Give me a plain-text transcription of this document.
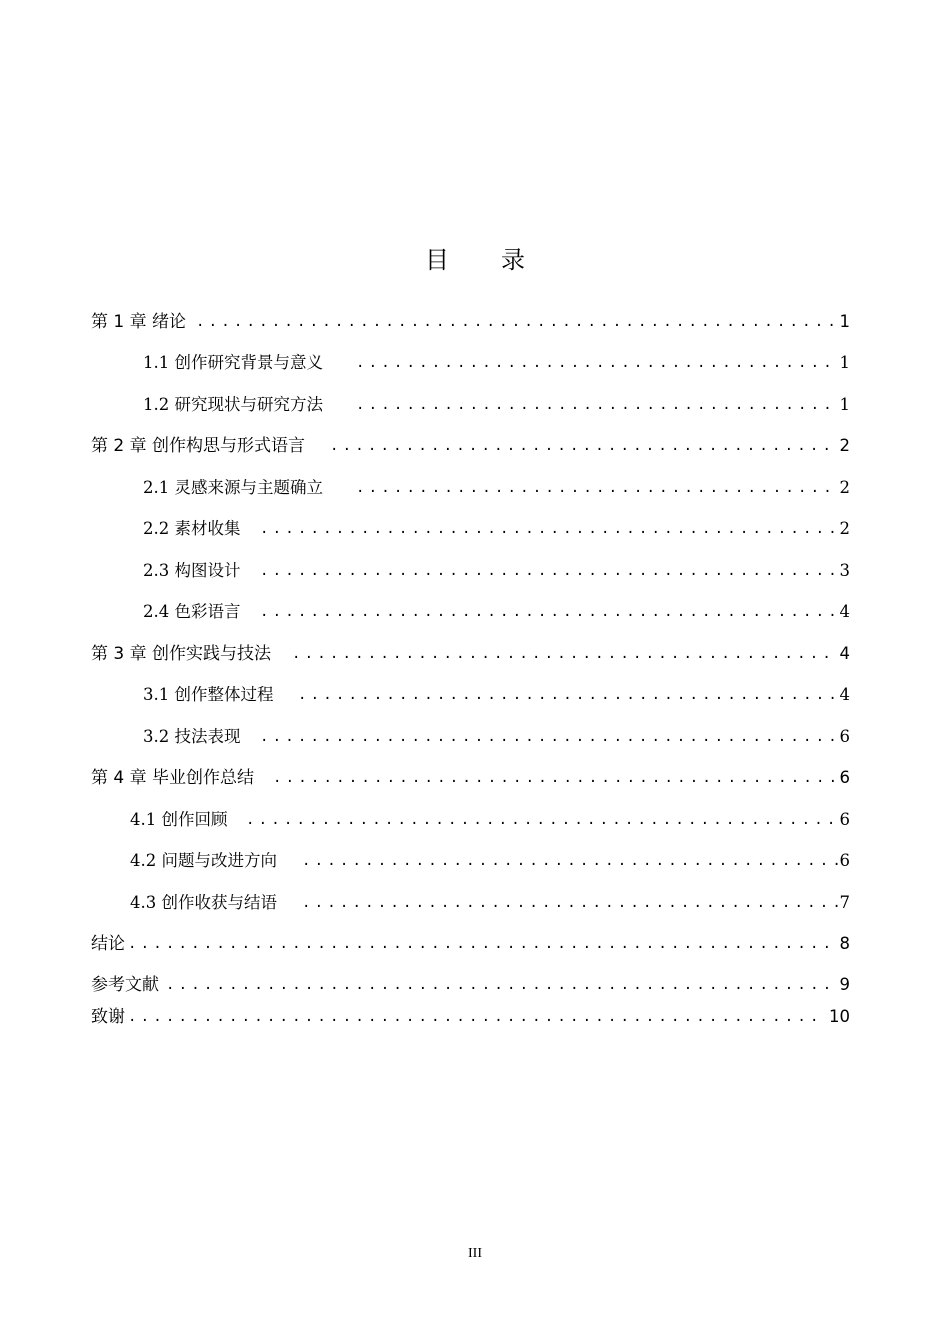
目 录
第 1 章 绪论 .....	1
1.1 创作研究背景与意义 .....	1
1.2 研究现状与研究方法 .....	1
第 2 章 创作构思与形式语言 .....	2
2.1 灵感来源与主题确立 .....	2
2.2 素材收集 .....	2
2.3 构图设计 .....	3
2.4 色彩语言 .....	4
第 3 章 创作实践与技法 .....	4
3.1 创作整体过程 .....	4
3.2 技法表现 .....	6
第 4 章 毕业创作总结 .....	6
4.1 创作回顾 .....	6
4.2 问题与改进方向 .....	6
4.3 创作收获与结语 .....	7
结论 .....	8
参考文献 .....	9
致谢 .....	10
III
